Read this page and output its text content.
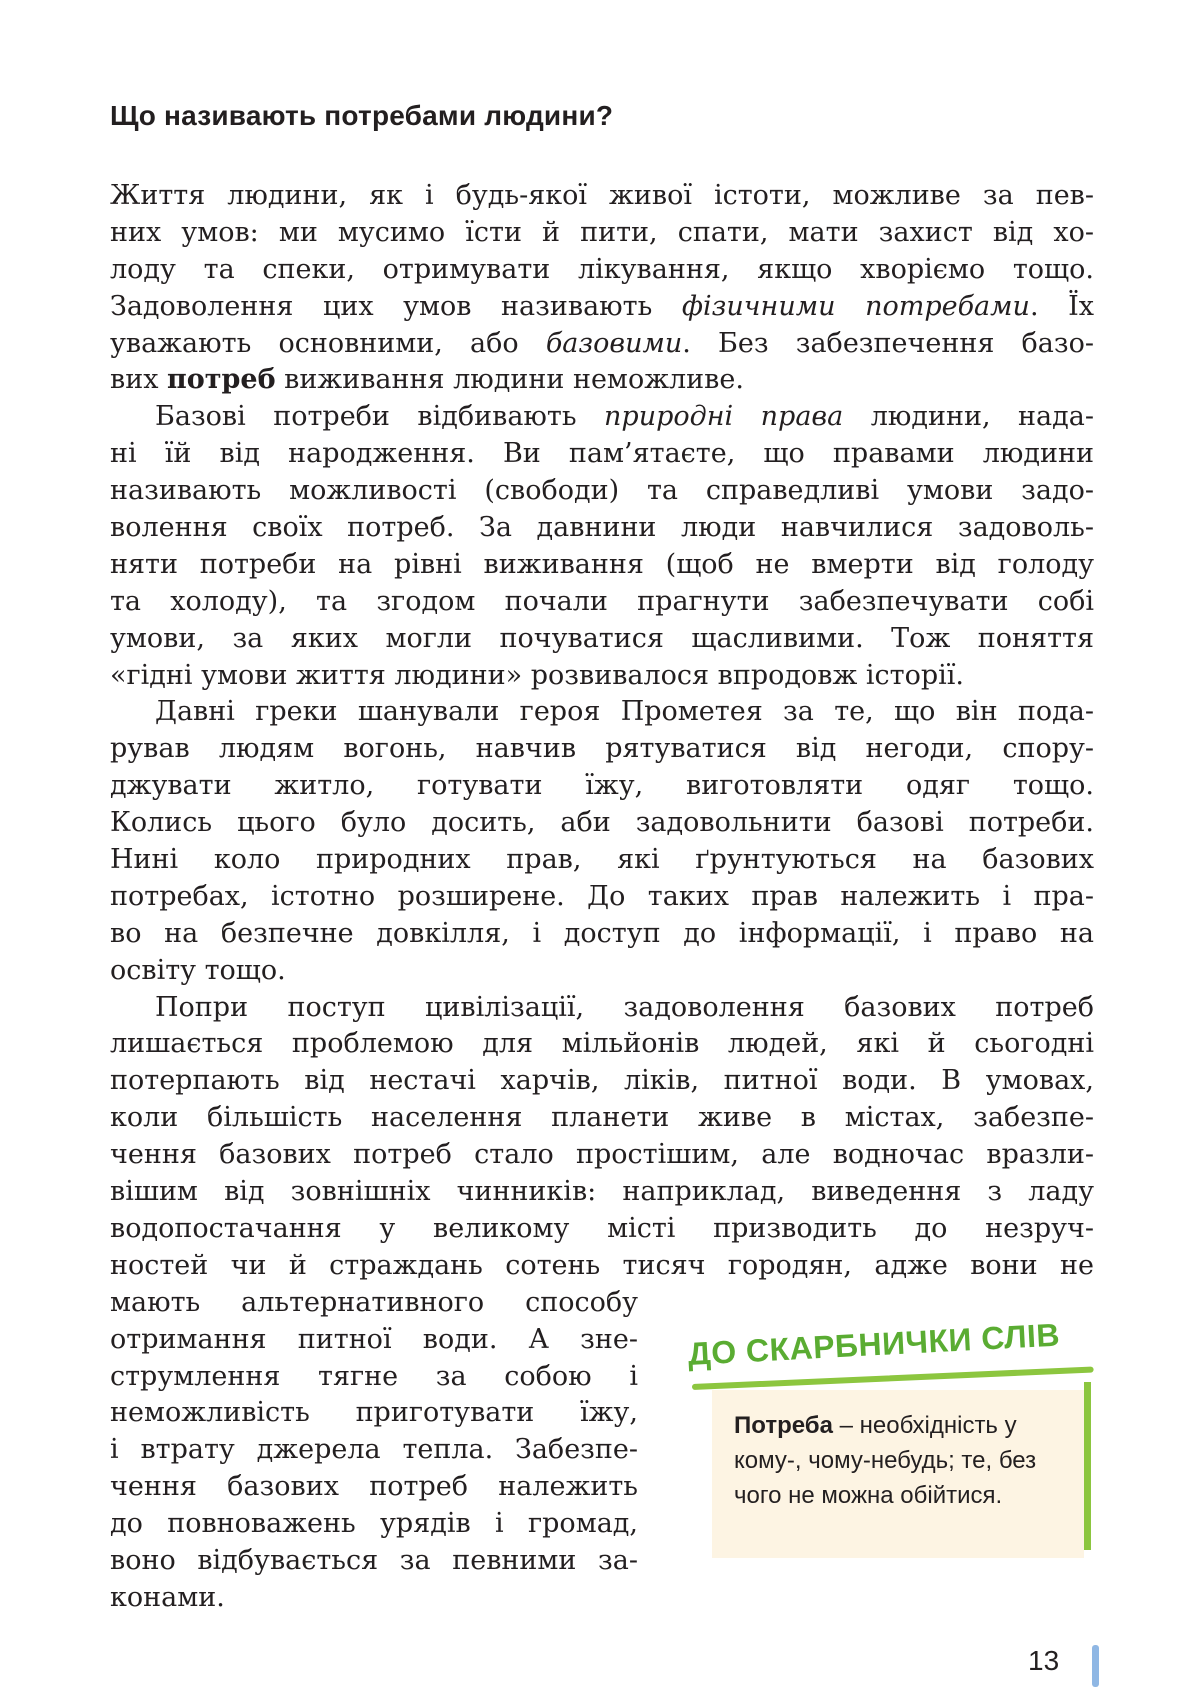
Що називають потребами людини?
Життя людини, як і будь-якої живої істоти, можливе за пев-
них умов: ми мусимо їсти й пити, спати, мати захист від хо-
лоду та спеки, отримувати лікування, якщо хворіємо тощо.
Задоволення цих умов називають фізичними потребами. Їх
уважають основними, або базовими. Без забезпечення базо-
вих потреб виживання людини неможливе.
Базові потреби відбивають природні права людини, нада-
ні їй від народження. Ви пам’ятаєте, що правами людини
називають можливості (свободи) та справедливі умови задо-
волення своїх потреб. За давнини люди навчилися задоволь-
няти потреби на рівні виживання (щоб не вмерти від голоду
та холоду), та згодом почали прагнути забезпечувати собі
умови, за яких могли почуватися щасливими. Тож поняття
«гідні умови життя людини» розвивалося впродовж історії.
Давні греки шанували героя Прометея за те, що він пода-
рував людям вогонь, навчив рятуватися від негоди, спору-
джувати житло, готувати їжу, виготовляти одяг тощо.
Колись цього було досить, аби задовольнити базові потреби.
Нині коло природних прав, які ґрунтуються на базових
потребах, істотно розширене. До таких прав належить і пра-
во на безпечне довкілля, і доступ до інформації, і право на
освіту тощо.
Попри поступ цивілізації, задоволення базових потреб
лишається проблемою для мільйонів людей, які й сьогодні
потерпають від нестачі харчів, ліків, питної води. В умовах,
коли більшість населення планети живе в містах, забезпе-
чення базових потреб стало простішим, але водночас вразли-
вішим від зовнішніх чинників: наприклад, виведення з ладу
водопостачання у великому місті призводить до незруч-
ностей чи й страждань сотень тисяч городян, адже вони не
мають альтернативного способу
отримання питної води. А зне-
струмлення тягне за собою і
неможливість приготувати їжу,
і втрату джерела тепла. Забезпе-
чення базових потреб належить
до повноважень урядів і громад,
воно відбувається за певними за-
конами.
ДО СКАРБНИЧКИ СЛІВ
Потреба – необхідність у кому-, чому-небудь; те, без чого не можна обійтися.
13
